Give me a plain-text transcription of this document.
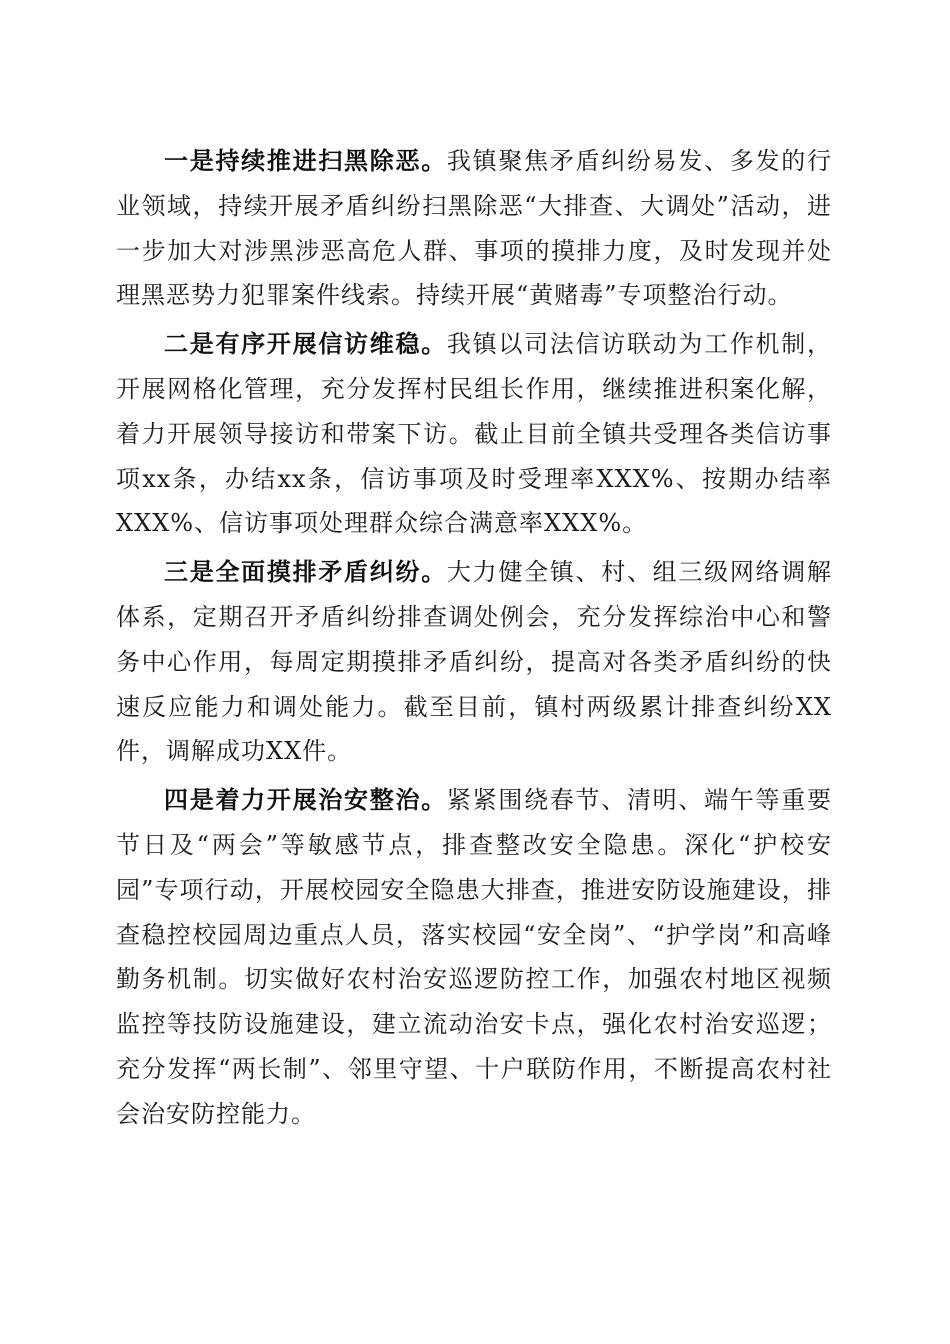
一是持续推进扫黑除恶。我镇聚焦矛盾纠纷易发、多发的行业领域，持续开展矛盾纠纷扫黑除恶“大排查、大调处”活动，进一步加大对涉黑涉恶高危人群、事项的摸排力度，及时发现并处理黑恶势力犯罪案件线索。持续开展“黄赌毒”专项整治行动。

二是有序开展信访维稳。我镇以司法信访联动为工作机制，开展网格化管理，充分发挥村民组长作用，继续推进积案化解，着力开展领导接访和带案下访。截止目前全镇共受理各类信访事项xx条，办结xx条，信访事项及时受理率XXX%、按期办结率XXX%、信访事项处理群众综合满意率XXX%。

三是全面摸排矛盾纠纷。大力健全镇、村、组三级网络调解体系，定期召开矛盾纠纷排查调处例会，充分发挥综治中心和警务中心作用，每周定期摸排矛盾纠纷，提高对各类矛盾纠纷的快速反应能力和调处能力。截至目前，镇村两级累计排查纠纷XX件，调解成功XX件。

四是着力开展治安整治。紧紧围绕春节、清明、端午等重要节日及“两会”等敏感节点，排查整改安全隐患。深化“护校安园”专项行动，开展校园安全隐患大排查，推进安防设施建设，排查稳控校园周边重点人员，落实校园“安全岗”、“护学岗”和高峰勤务机制。切实做好农村治安巡逻防控工作，加强农村地区视频监控等技防设施建设，建立流动治安卡点，强化农村治安巡逻；充分发挥“两长制”、邻里守望、十户联防作用，不断提高农村社会治安防控能力。
